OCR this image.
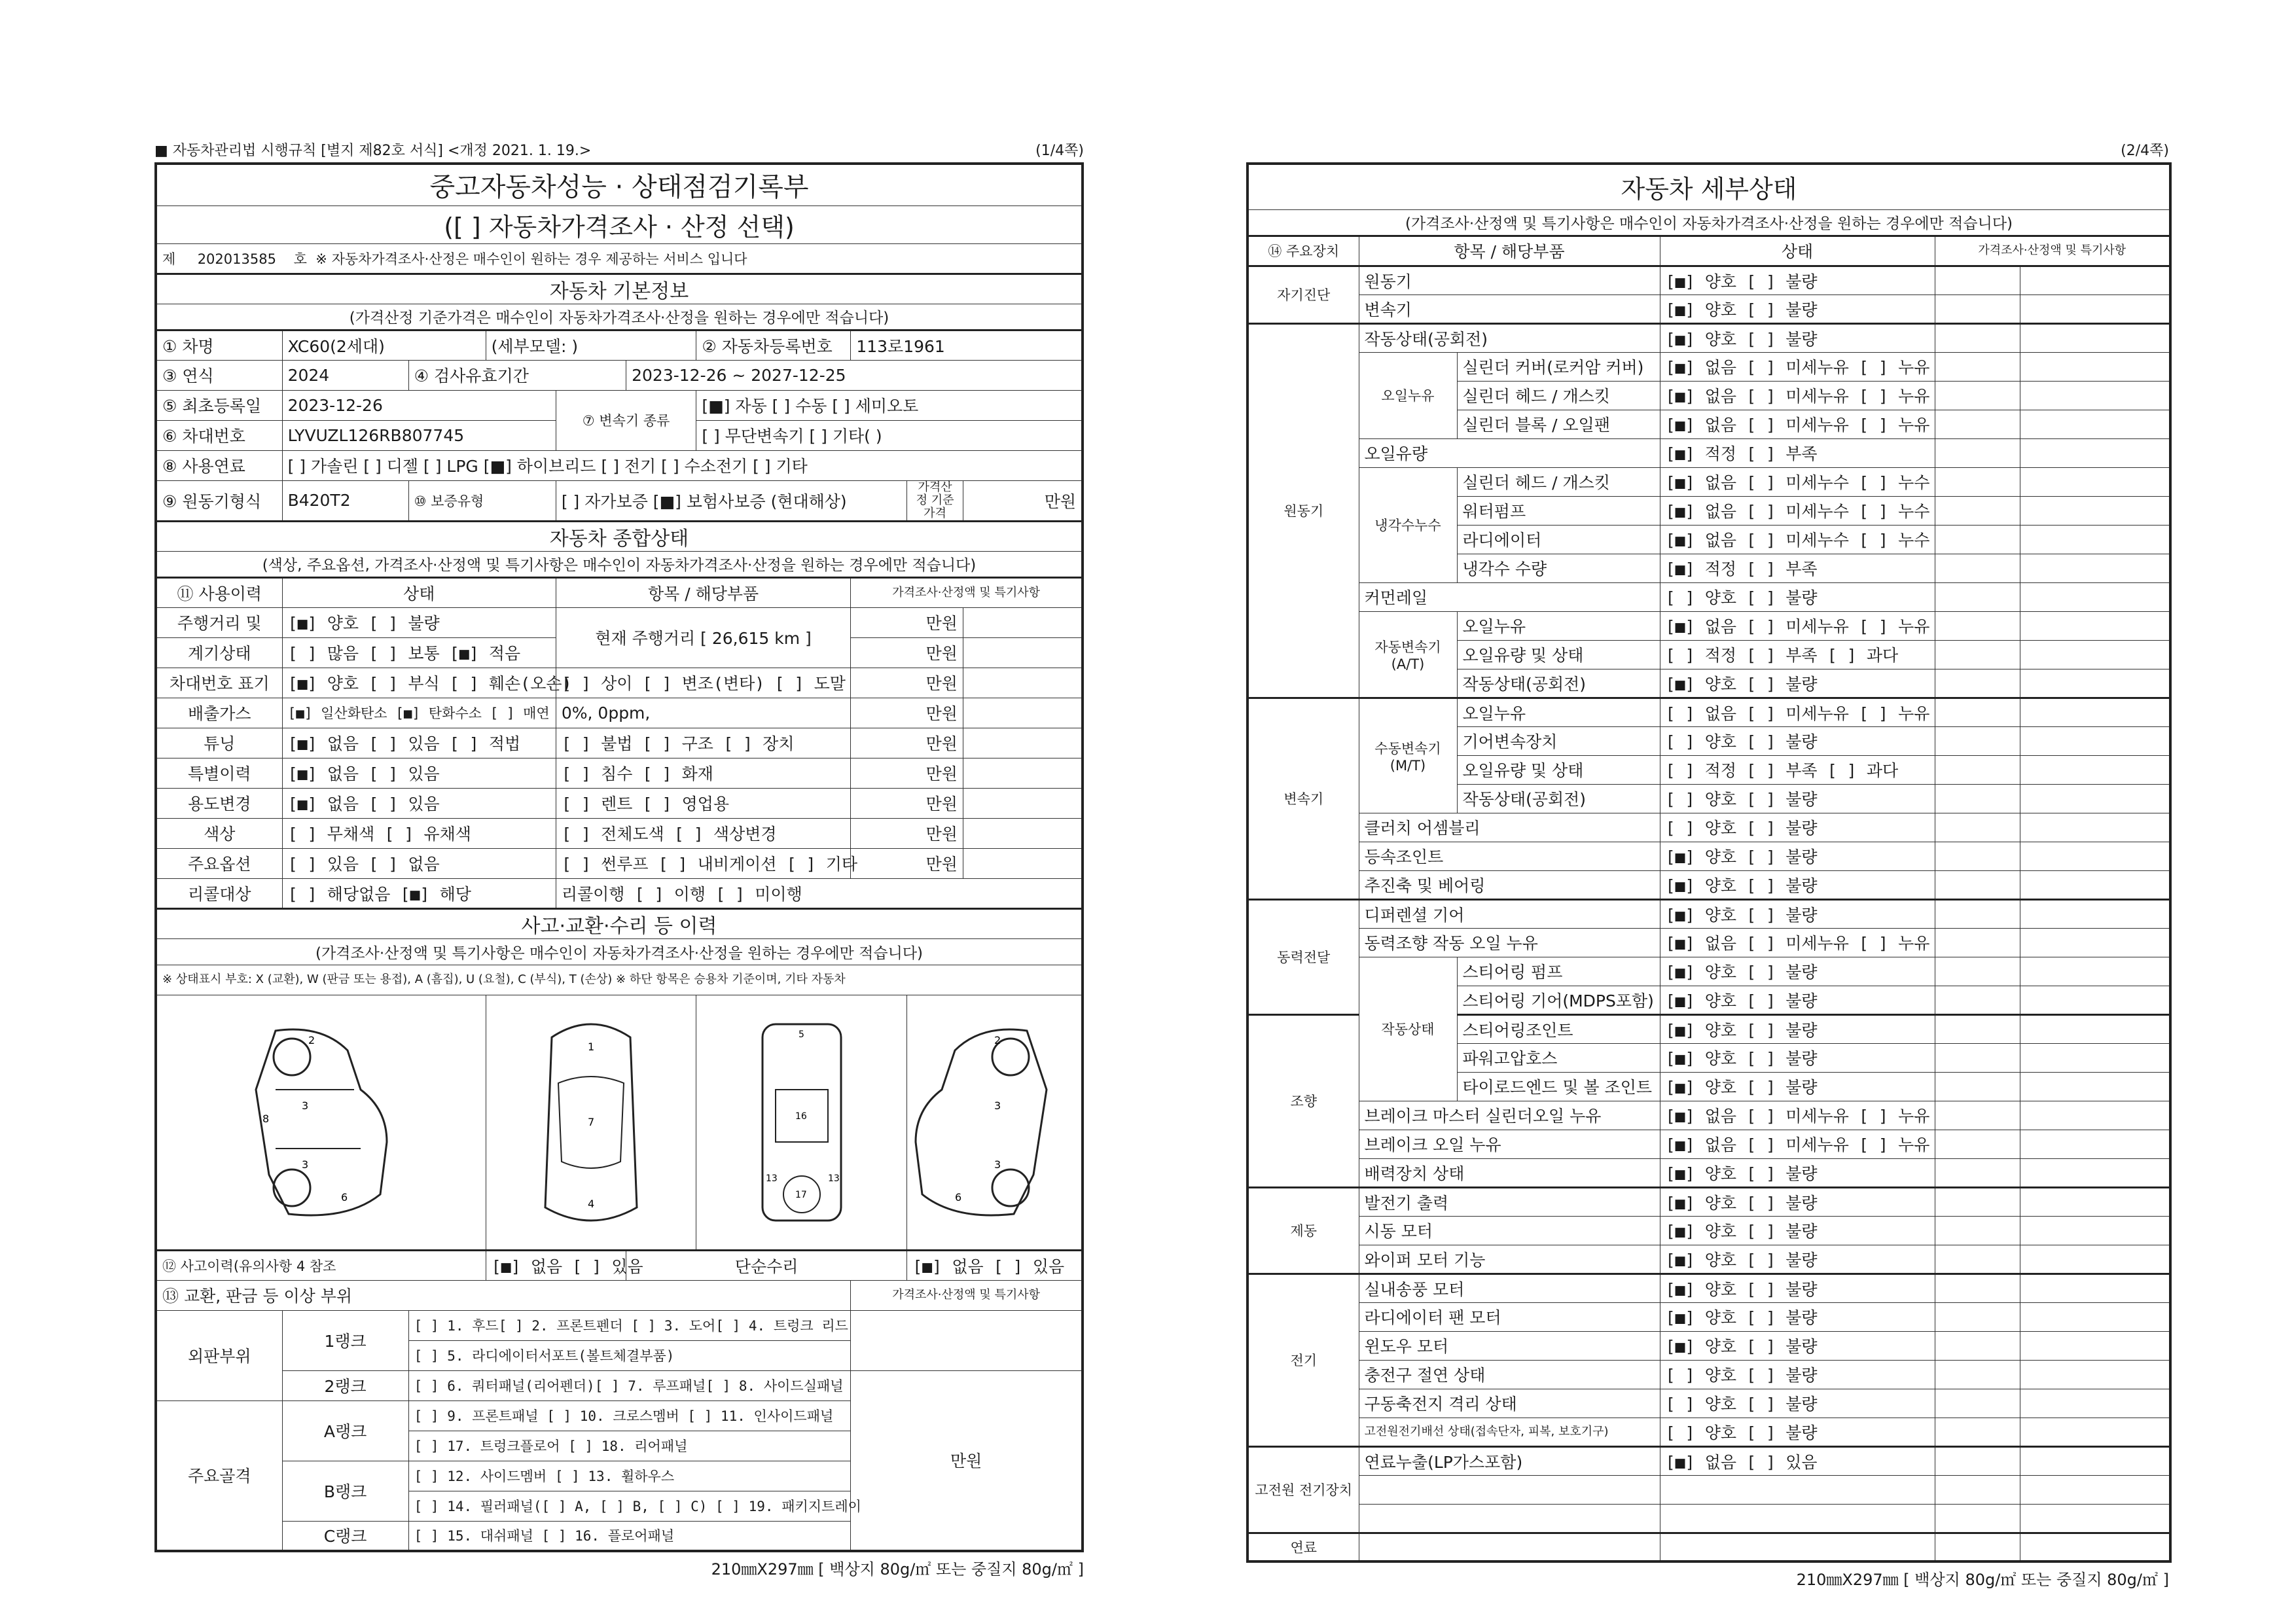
■ 자동차관리법 시행규칙 [별지 제82호 서식] <개정 2021. 1. 19.>	(1/4쪽)
중고자동차성능 · 상태점검기록부									
([ ] 자동차가격조사 · 산정 선택)									
제 202013585 호 ※ 자동차가격조사·산정은 매수인이 원하는 경우 제공하는 서비스 입니다									
자동차 기본정보									
(가격산정 기준가격은 매수인이 자동차가격조사·산정을 원하는 경우에만 적습니다)									
① 차명	XC60(2세대)		(세부모델: )			② 자동차등록번호	113로1961		
③ 연식	2024	④ 검사유효기간			2023-12-26 ~ 2027-12-25				
⑤ 최초등록일	2023-12-26			⑦ 변속기 종류		[■] 자동 [ ] 수동 [ ] 세미오토			
⑥ 차대번호	LYVUZL126RB807745					[ ] 무단변속기 [ ] 기타( )			
⑧ 사용연료	[ ] 가솔린 [ ] 디젤 [ ] LPG [■] 하이브리드 [ ] 전기 [ ] 수소전기 [ ] 기타								
⑨ 원동기형식	B420T2	⑩ 보증유형		[ ] 자가보증 [■] 보험사보증 (현대해상)				가격산정 기준가격	만원
자동차 종합상태									
(색상, 주요옵션, 가격조사·산정액 및 특기사항은 매수인이 자동차가격조사·산정을 원하는 경우에만 적습니다)									
⑪ 사용이력	상태			항목 / 해당부품			가격조사·산정액 및 특기사항		
주행거리 및	[■] 양호 [ ] 불량			현재 주행거리 [ 26,615 km ]			만원		
계기상태	[ ] 많음 [ ] 보통 [■] 적음						만원		
차대번호 표기	[■] 양호 [ ] 부식 [ ] 훼손(오손)			[ ] 상이 [ ] 변조(변타) [ ] 도말			만원		
배출가스	[■] 일산화탄소 [■] 탄화수소 [ ] 매연			0%, 0ppm,			만원		
튜닝	[■] 없음 [ ] 있음 [ ] 적법			[ ] 불법 [ ] 구조 [ ] 장치			만원		
특별이력	[■] 없음 [ ] 있음			[ ] 침수 [ ] 화재			만원		
용도변경	[■] 없음 [ ] 있음			[ ] 렌트 [ ] 영업용			만원		
색상	[ ] 무채색 [ ] 유채색			[ ] 전체도색 [ ] 색상변경			만원		
주요옵션	[ ] 있음 [ ] 없음			[ ] 썬루프 [ ] 내비게이션 [ ] 기타			만원		
리콜대상	[ ] 해당없음 [■] 해당			리콜이행 [ ] 이행 [ ] 미이행					
사고·교환·수리 등 이력									
(가격조사·산정액 및 특기사항은 매수인이 자동차가격조사·산정을 원하는 경우에만 적습니다)									
※ 상태표시 부호: X (교환), W (판금 또는 용접), A (흠집), U (요철), C (부식), T (손상) ※ 하단 항목은 승용차 기준이며, 기타 자동차									

2
3
3
8
6			1
7
4			5
16
17
13 13		2
3
3
6	

⑫ 사고이력(유의사항 4 참조			[■] 없음 [ ] 있음		단순수리			[■] 없음 [ ] 있음	
⑬ 교환, 판금 등 이상 부위							가격조사·산정액 및 특기사항		
외판부위	1랭크	[ ] 1. 후드[ ] 2. 프론트펜더 [ ] 3. 도어[ ] 4. 트렁크 리드							
		[ ] 5. 라디에이터서포트(볼트체결부품)							
	2랭크	[ ] 6. 쿼터패널(리어펜더)[ ] 7. 루프패널[ ] 8. 사이드실패널					만원		
주요골격	A랭크	[ ] 9. 프론트패널 [ ] 10. 크로스멤버 [ ] 11. 인사이드패널							
		[ ] 17. 트렁크플로어 [ ] 18. 리어패널							
	B랭크	[ ] 12. 사이드멤버 [ ] 13. 휠하우스							
		[ ] 14. 필러패널([ ] A, [ ] B, [ ] C) [ ] 19. 패키지트레이							
	C랭크	[ ] 15. 대쉬패널 [ ] 16. 플로어패널							
210㎜X297㎜ [ 백상지 80g/㎡ 또는 중질지 80g/㎡ ]
(2/4쪽)
자동차 세부상태					
(가격조사·산정액 및 특기사항은 매수인이 자동차가격조사·산정을 원하는 경우에만 적습니다)					
⑭ 주요장치	항목 / 해당부품		상태	가격조사·산정액 및 특기사항	
자기진단	원동기		[■] 양호 [ ] 불량		
	변속기		[■] 양호 [ ] 불량		
원동기	작동상태(공회전)		[■] 양호 [ ] 불량		
	오일누유	실린더 커버(로커암 커버)	[■] 없음 [ ] 미세누유 [ ] 누유		
		실린더 헤드 / 개스킷	[■] 없음 [ ] 미세누유 [ ] 누유		
		실린더 블록 / 오일팬	[■] 없음 [ ] 미세누유 [ ] 누유		
	오일유량		[■] 적정 [ ] 부족		
	냉각수누수	실린더 헤드 / 개스킷	[■] 없음 [ ] 미세누수 [ ] 누수		
		워터펌프	[■] 없음 [ ] 미세누수 [ ] 누수		
		라디에이터	[■] 없음 [ ] 미세누수 [ ] 누수		
		냉각수 수량	[■] 적정 [ ] 부족		
	커먼레일		[ ] 양호 [ ] 불량		
	자동변속기 (A/T)	오일누유	[■] 없음 [ ] 미세누유 [ ] 누유		
		오일유량 및 상태	[ ] 적정 [ ] 부족 [ ] 과다		
		작동상태(공회전)	[■] 양호 [ ] 불량		
변속기	수동변속기 (M/T)	오일누유	[ ] 없음 [ ] 미세누유 [ ] 누유		
		기어변속장치	[ ] 양호 [ ] 불량		
		오일유량 및 상태	[ ] 적정 [ ] 부족 [ ] 과다		
		작동상태(공회전)	[ ] 양호 [ ] 불량		
	클러치 어셈블리		[ ] 양호 [ ] 불량		
	등속조인트		[■] 양호 [ ] 불량		
	추진축 및 베어링		[■] 양호 [ ] 불량		
동력전달	디퍼렌셜 기어		[■] 양호 [ ] 불량		
	동력조향 작동 오일 누유		[■] 없음 [ ] 미세누유 [ ] 누유		
	작동상태	스티어링 펌프	[■] 양호 [ ] 불량		
		스티어링 기어(MDPS포함)	[■] 양호 [ ] 불량		
조향		스티어링조인트	[■] 양호 [ ] 불량		
		파워고압호스	[■] 양호 [ ] 불량		
		타이로드엔드 및 볼 조인트	[■] 양호 [ ] 불량		
	브레이크 마스터 실린더오일 누유		[■] 없음 [ ] 미세누유 [ ] 누유		
	브레이크 오일 누유		[■] 없음 [ ] 미세누유 [ ] 누유		
	배력장치 상태		[■] 양호 [ ] 불량		
제동	발전기 출력		[■] 양호 [ ] 불량		
	시동 모터		[■] 양호 [ ] 불량		
	와이퍼 모터 기능		[■] 양호 [ ] 불량		
전기	실내송풍 모터		[■] 양호 [ ] 불량		
	라디에이터 팬 모터		[■] 양호 [ ] 불량		
	윈도우 모터		[■] 양호 [ ] 불량		
	충전구 절연 상태		[ ] 양호 [ ] 불량		
	구동축전지 격리 상태		[ ] 양호 [ ] 불량		
	고전원전기배선 상태(접속단자, 피복, 보호기구)		[ ] 양호 [ ] 불량		
고전원 전기장치	연료누출(LP가스포함)		[■] 없음 [ ] 있음		

연료					
210㎜X297㎜ [ 백상지 80g/㎡ 또는 중질지 80g/㎡ ]
